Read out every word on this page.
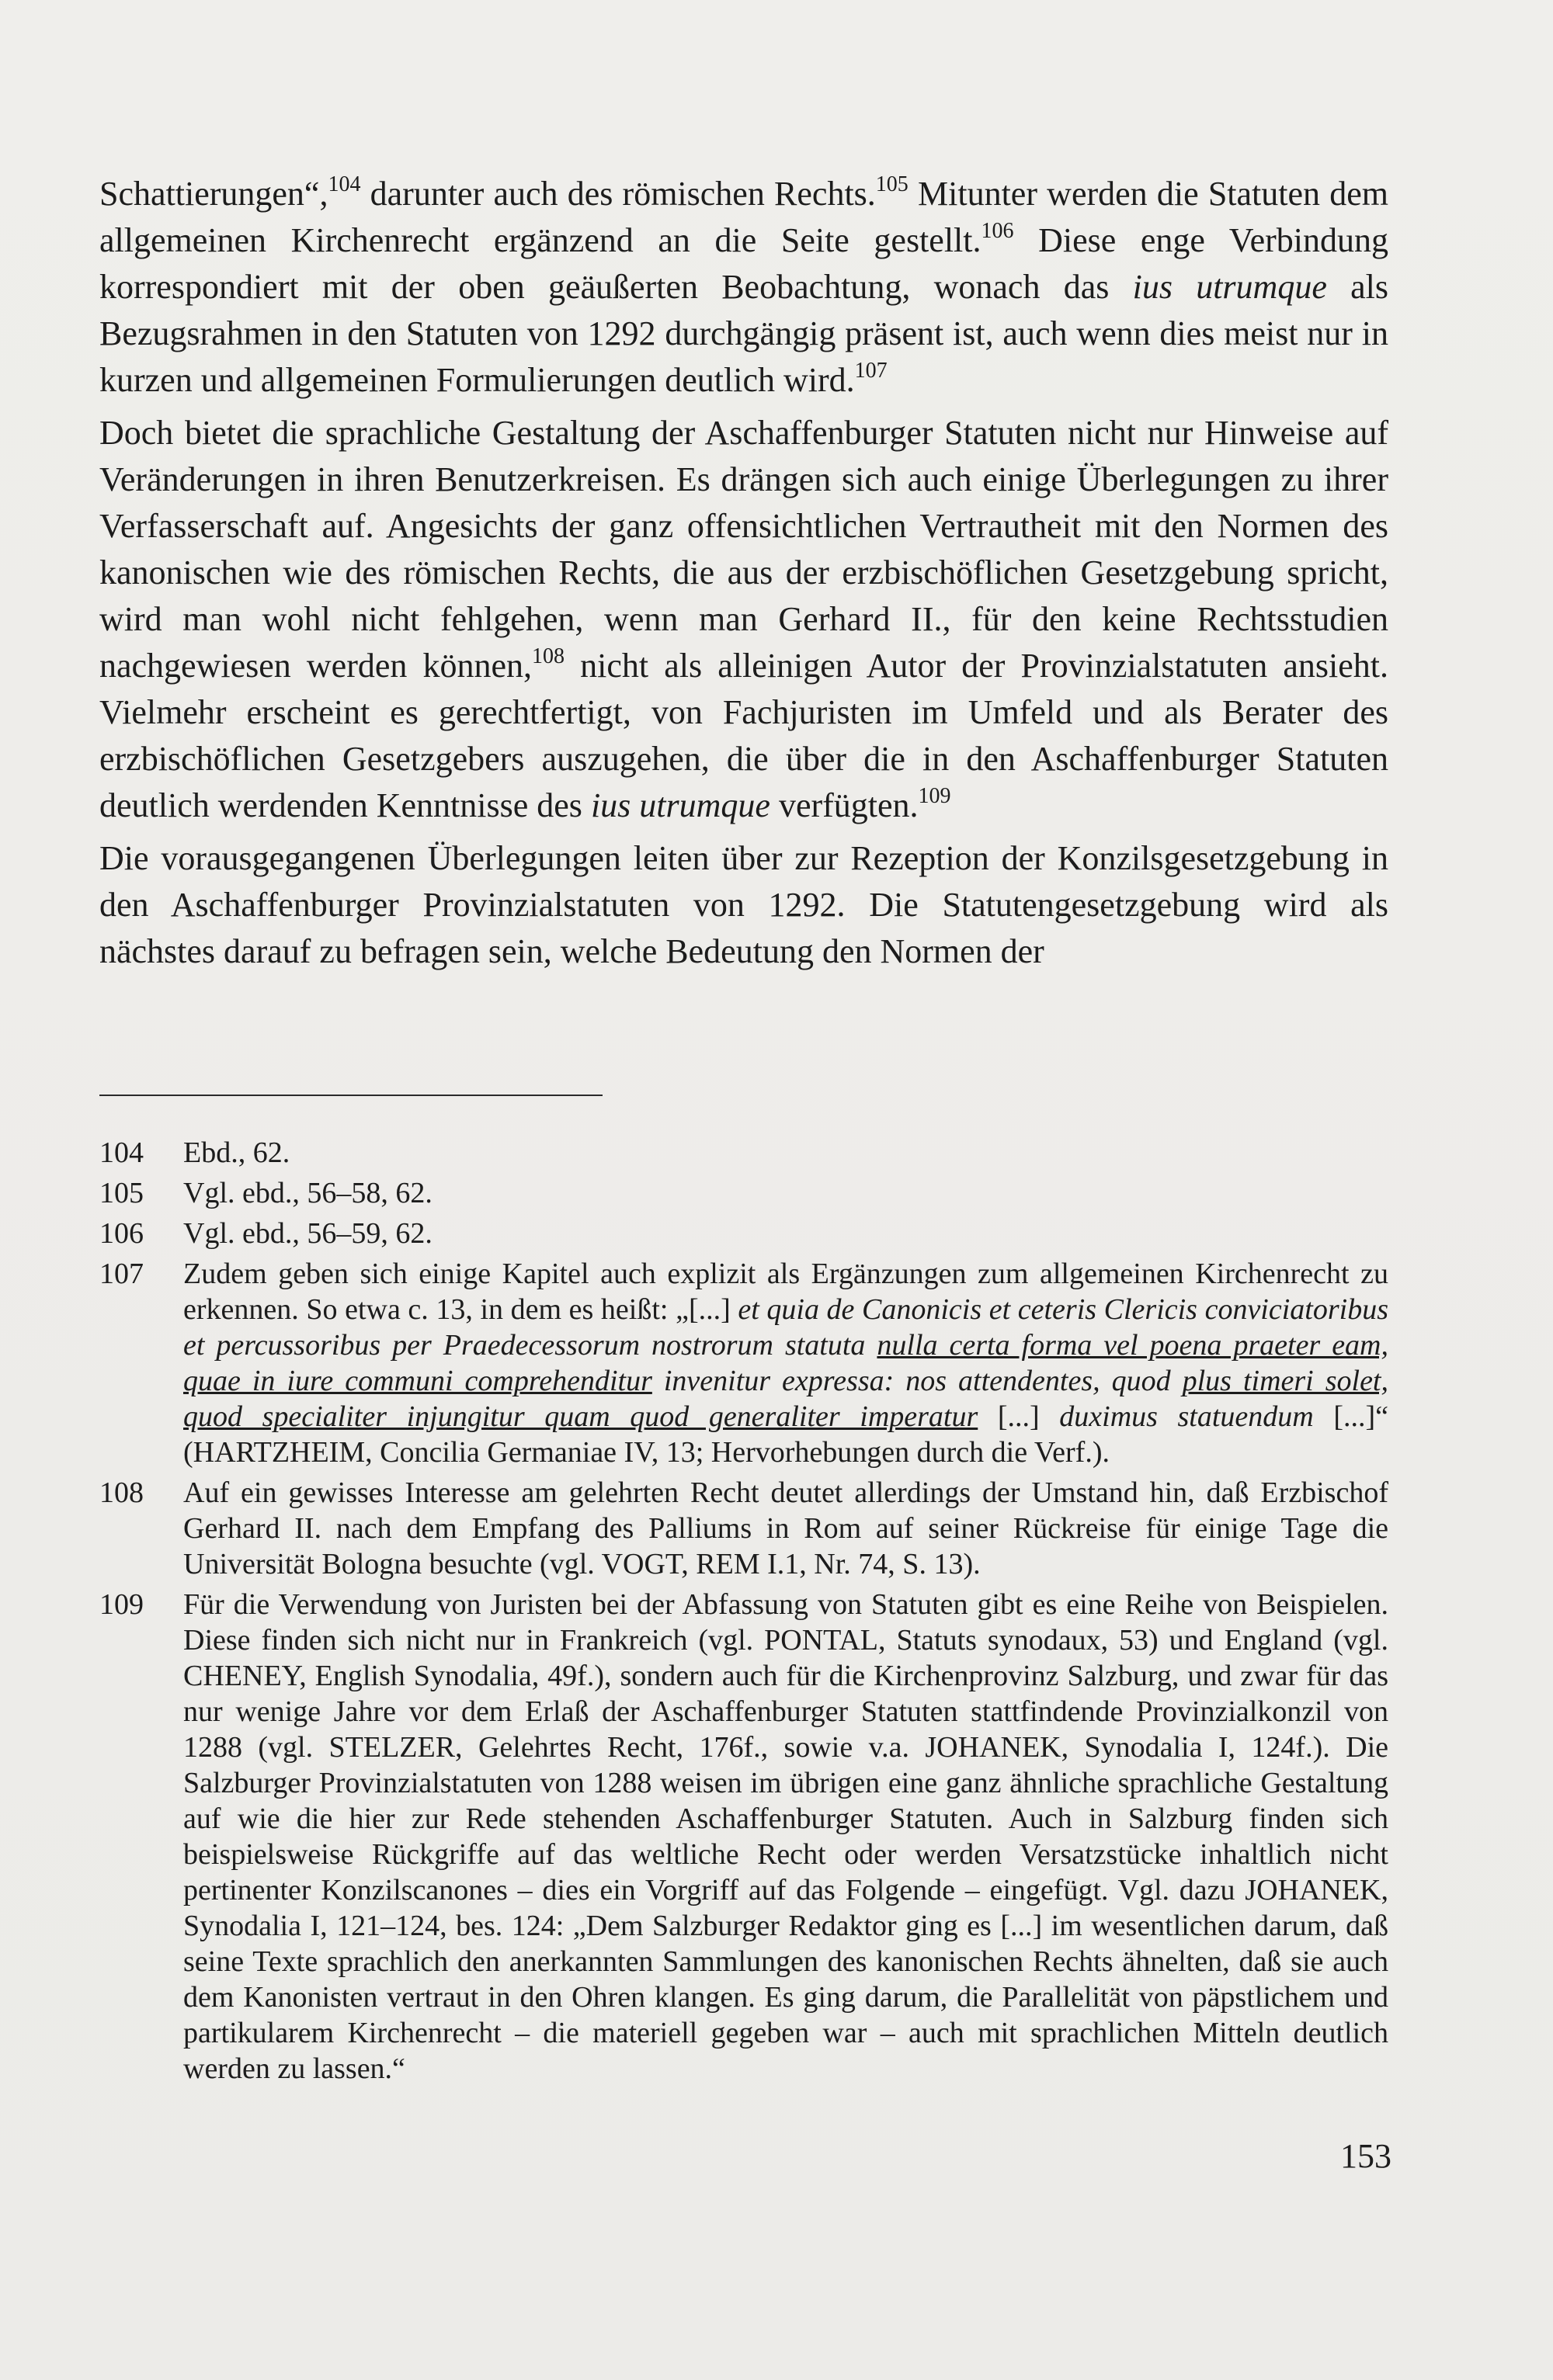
Schattierungen“,$^{104}$ darunter auch des römischen Rechts.$^{105}$ Mitunter werden die Statuten dem allgemeinen Kirchenrecht ergänzend an die Seite gestellt.$^{106}$ Diese enge Verbindung korrespondiert mit der oben geäußerten Beobachtung, wonach das ius utrumque als Bezugsrahmen in den Statuten von 1292 durchgängig präsent ist, auch wenn dies meist nur in kurzen und allgemeinen Formulierungen deutlich wird.$^{107}$

Doch bietet die sprachliche Gestaltung der Aschaffenburger Statuten nicht nur Hinweise auf Veränderungen in ihren Benutzerkreisen. Es drängen sich auch einige Überlegungen zu ihrer Verfasserschaft auf. Angesichts der ganz offensichtlichen Vertrautheit mit den Normen des kanonischen wie des römischen Rechts, die aus der erzbischöflichen Gesetzgebung spricht, wird man wohl nicht fehlgehen, wenn man Gerhard II., für den keine Rechtsstudien nachgewiesen werden können,$^{108}$ nicht als alleinigen Autor der Provinzialstatuten ansieht. Vielmehr erscheint es gerechtfertigt, von Fachjuristen im Umfeld und als Berater des erzbischöflichen Gesetzgebers auszugehen, die über die in den Aschaffenburger Statuten deutlich werdenden Kenntnisse des ius utrumque verfügten.$^{109}$

Die vorausgegangenen Überlegungen leiten über zur Rezeption der Konzilsgesetzgebung in den Aschaffenburger Provinzialstatuten von 1292. Die Statutengesetzgebung wird als nächstes darauf zu befragen sein, welche Bedeutung den Normen der

104	Ebd., 62.
105	Vgl. ebd., 56–58, 62.
106	Vgl. ebd., 56–59, 62.
107	Zudem geben sich einige Kapitel auch explizit als Ergänzungen zum allgemeinen Kirchenrecht zu erkennen. So etwa c. 13, in dem es heißt: „[...] et quia de Canonicis et ceteris Clericis conviciatoribus et percussoribus per Praedecessorum nostrorum statuta nulla certa forma vel poena praeter eam, quae in iure communi comprehenditur invenitur expressa: nos attendentes, quod plus timeri solet, quod specialiter injungitur quam quod generaliter imperatur [...] duximus statuendum [...]“ (HARTZHEIM, Concilia Germaniae IV, 13; Hervorhebungen durch die Verf.).
108	Auf ein gewisses Interesse am gelehrten Recht deutet allerdings der Umstand hin, daß Erzbischof Gerhard II. nach dem Empfang des Palliums in Rom auf seiner Rückreise für einige Tage die Universität Bologna besuchte (vgl. VOGT, REM I.1, Nr. 74, S. 13).
109	Für die Verwendung von Juristen bei der Abfassung von Statuten gibt es eine Reihe von Beispielen. Diese finden sich nicht nur in Frankreich (vgl. PONTAL, Statuts synodaux, 53) und England (vgl. CHENEY, English Synodalia, 49f.), sondern auch für die Kirchenprovinz Salzburg, und zwar für das nur wenige Jahre vor dem Erlaß der Aschaffenburger Statuten stattfindende Provinzialkonzil von 1288 (vgl. STELZER, Gelehrtes Recht, 176f., sowie v.a. JOHANEK, Synodalia I, 124f.). Die Salzburger Provinzialstatuten von 1288 weisen im übrigen eine ganz ähnliche sprachliche Gestaltung auf wie die hier zur Rede stehenden Aschaffenburger Statuten. Auch in Salzburg finden sich beispielsweise Rückgriffe auf das weltliche Recht oder werden Versatzstücke inhaltlich nicht pertinenter Konzilscanones – dies ein Vorgriff auf das Folgende – eingefügt. Vgl. dazu JOHANEK, Synodalia I, 121–124, bes. 124: „Dem Salzburger Redaktor ging es [...] im wesentlichen darum, daß seine Texte sprachlich den anerkannten Sammlungen des kanonischen Rechts ähnelten, daß sie auch dem Kanonisten vertraut in den Ohren klangen. Es ging darum, die Parallelität von päpstlichem und partikularem Kirchenrecht – die materiell gegeben war – auch mit sprachlichen Mitteln deutlich werden zu lassen.“
153
